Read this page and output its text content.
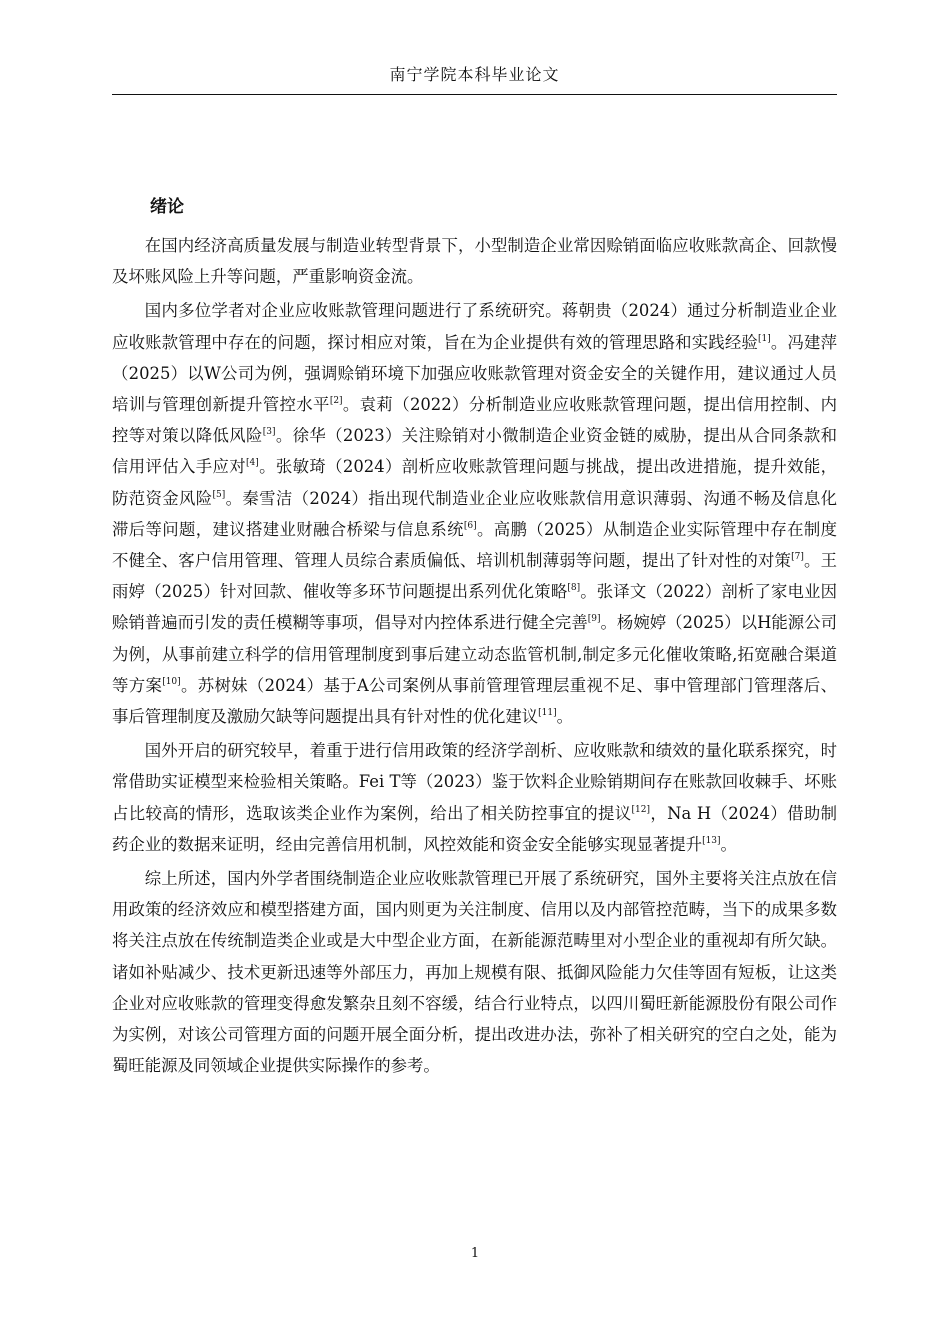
南宁学院本科毕业论文
绪论

在国内经济高质量发展与制造业转型背景下，小型制造企业常因赊销面临应收账款高企、回款慢及坏账风险上升等问题，严重影响资金流。

国内多位学者对企业应收账款管理问题进行了系统研究。蒋朝贵（2024）通过分析制造业企业应收账款管理中存在的问题，探讨相应对策，旨在为企业提供有效的管理思路和实践经验[1]。冯建萍（2025）以W公司为例，强调赊销环境下加强应收账款管理对资金安全的关键作用，建议通过人员培训与管理创新提升管控水平[2]。袁莉（2022）分析制造业应收账款管理问题，提出信用控制、内控等对策以降低风险[3]。徐华（2023）关注赊销对小微制造企业资金链的威胁，提出从合同条款和信用评估入手应对[4]。张敏琦（2024）剖析应收账款管理问题与挑战，提出改进措施，提升效能，防范资金风险[5]。秦雪洁（2024）指出现代制造业企业应收账款信用意识薄弱、沟通不畅及信息化滞后等问题，建议搭建业财融合桥梁与信息系统[6]。高鹏（2025）从制造企业实际管理中存在制度不健全、客户信用管理、管理人员综合素质偏低、培训机制薄弱等问题，提出了针对性的对策[7]。王雨婷（2025）针对回款、催收等多环节问题提出系列优化策略[8]。张译文（2022）剖析了家电业因赊销普遍而引发的责任模糊等事项，倡导对内控体系进行健全完善[9]。杨婉婷（2025）以H能源公司为例，从事前建立科学的信用管理制度到事后建立动态监管机制,制定多元化催收策略,拓宽融合渠道等方案[10]。苏树妹（2024）基于A公司案例从事前管理管理层重视不足、事中管理部门管理落后、事后管理制度及激励欠缺等问题提出具有针对性的优化建议[11]。

国外开启的研究较早，着重于进行信用政策的经济学剖析、应收账款和绩效的量化联系探究，时常借助实证模型来检验相关策略。Fei T等（2023）鉴于饮料企业赊销期间存在账款回收棘手、坏账占比较高的情形，选取该类企业作为案例，给出了相关防控事宜的提议[12]，Na H（2024）借助制药企业的数据来证明，经由完善信用机制，风控效能和资金安全能够实现显著提升[13]。

综上所述，国内外学者围绕制造企业应收账款管理已开展了系统研究，国外主要将关注点放在信用政策的经济效应和模型搭建方面，国内则更为关注制度、信用以及内部管控范畴，当下的成果多数将关注点放在传统制造类企业或是大中型企业方面，在新能源范畴里对小型企业的重视却有所欠缺。诸如补贴减少、技术更新迅速等外部压力，再加上规模有限、抵御风险能力欠佳等固有短板，让这类企业对应收账款的管理变得愈发繁杂且刻不容缓，结合行业特点，以四川蜀旺新能源股份有限公司作为实例，对该公司管理方面的问题开展全面分析，提出改进办法，弥补了相关研究的空白之处，能为蜀旺能源及同领域企业提供实际操作的参考。

1
